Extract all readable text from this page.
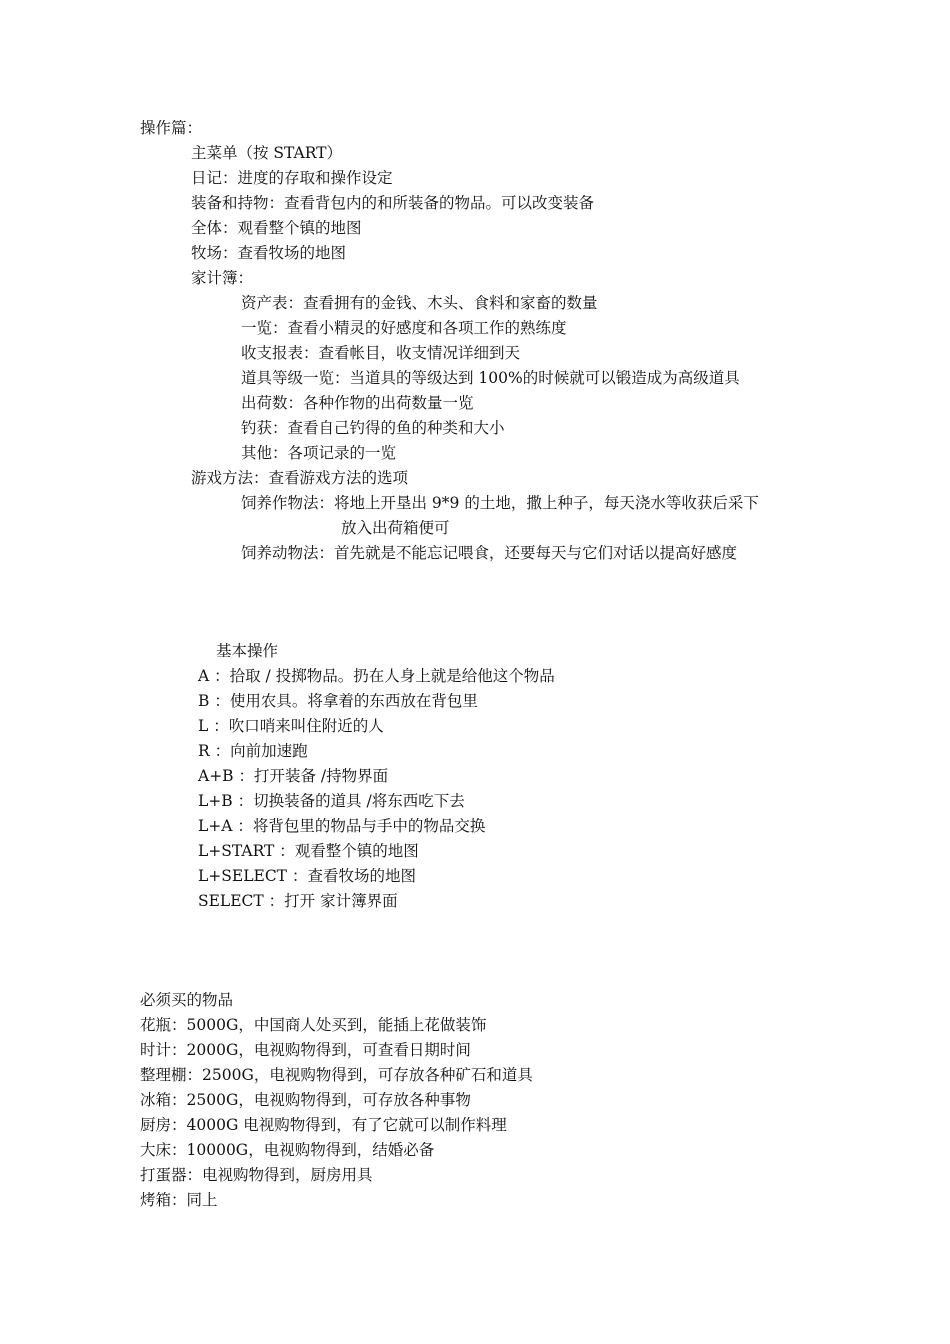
操作篇：
主菜单（按 START）
日记：进度的存取和操作设定
装备和持物：查看背包内的和所装备的物品。可以改变装备
全体：观看整个镇的地图
牧场：查看牧场的地图
家计簿：
资产表：查看拥有的金钱、木头、食料和家畜的数量
一览：查看小精灵的好感度和各项工作的熟练度
收支报表：查看帐目，收支情况详细到天
道具等级一览：当道具的等级达到 100%的时候就可以锻造成为高级道具
出荷数：各种作物的出荷数量一览
钓获：查看自己钓得的鱼的种类和大小
其他：各项记录的一览
游戏方法：查看游戏方法的选项
饲养作物法：将地上开垦出 9*9 的土地，撒上种子，每天浇水等收获后采下
放入出荷箱便可
饲养动物法：首先就是不能忘记喂食，还要每天与它们对话以提高好感度
基本操作
A ：拾取 / 投掷物品。扔在人身上就是给他这个物品
B ：使用农具。将拿着的东西放在背包里
L ：吹口哨来叫住附近的人
R ：向前加速跑
A+B ：打开装备 /持物界面
L+B ：切换装备的道具 /将东西吃下去
L+A ：将背包里的物品与手中的物品交换
L+START ：观看整个镇的地图
L+SELECT ：查看牧场的地图
SELECT ：打开 家计簿界面
必须买的物品
花瓶：5000G，中国商人处买到，能插上花做装饰
时计：2000G，电视购物得到，可查看日期时间
整理棚：2500G，电视购物得到，可存放各种矿石和道具
冰箱：2500G，电视购物得到，可存放各种事物
厨房：4000G 电视购物得到，有了它就可以制作料理
大床：10000G，电视购物得到，结婚必备
打蛋器：电视购物得到，厨房用具
烤箱：同上
